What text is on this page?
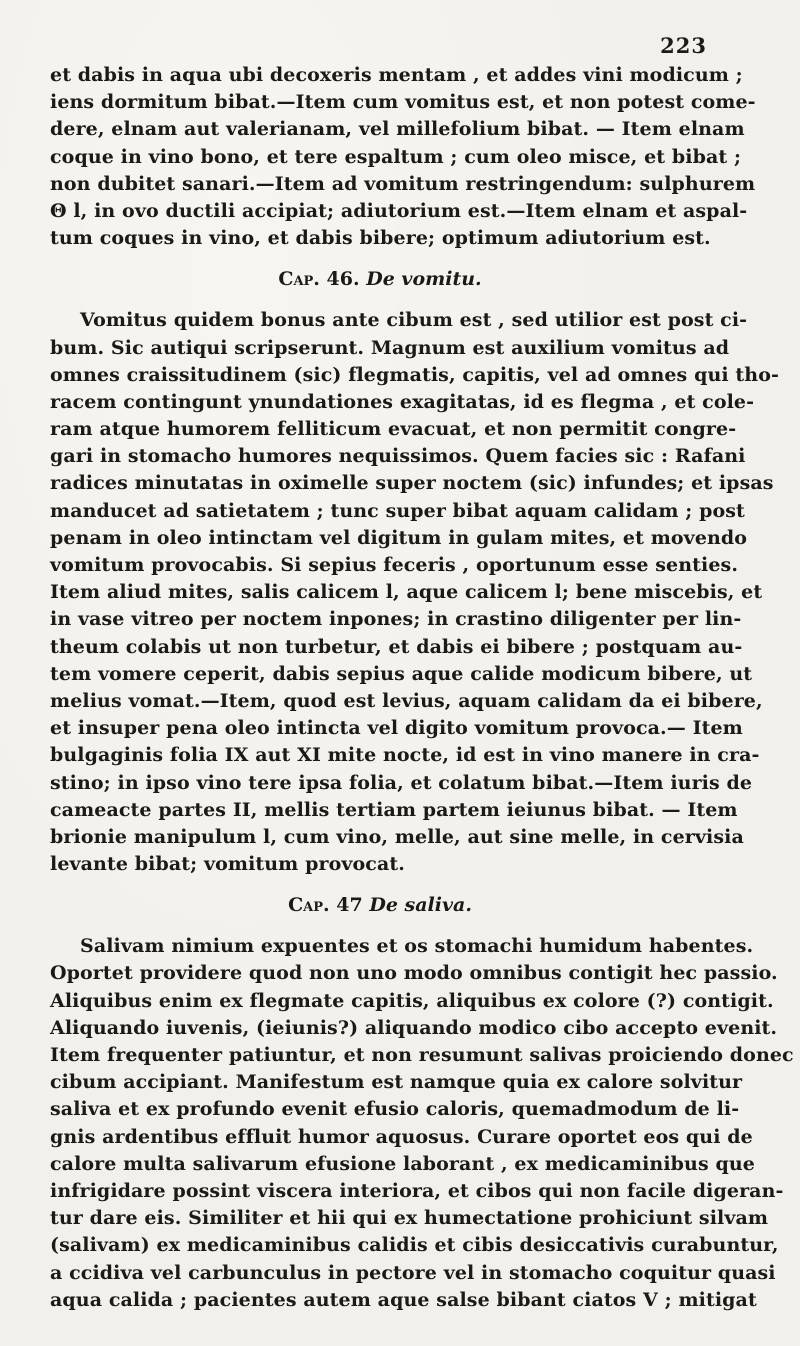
223
et dabis in aqua ubi decoxeris mentam , et addes vini modicum ;
iens dormitum bibat.—Item cum vomitus est, et non potest come-
dere, elnam aut valerianam, vel millefolium bibat. — Item elnam
coque in vino bono, et tere espaltum ; cum oleo misce, et bibat ;
non dubitet sanari.—Item ad vomitum restringendum: sulphurem
Θ l, in ovo ductili accipiat; adiutorium est.—Item elnam et aspal-
tum coques in vino, et dabis bibere; optimum adiutorium est.
Cap. 46. De vomitu.
Vomitus quidem bonus ante cibum est , sed utilior est post ci-
bum. Sic autiqui scripserunt. Magnum est auxilium vomitus ad
omnes craissitudinem (sic) flegmatis, capitis, vel ad omnes qui tho-
racem contingunt ynundationes exagitatas, id es flegma , et cole-
ram atque humorem felliticum evacuat, et non permitit congre-
gari in stomacho humores nequissimos. Quem facies sic : Rafani
radices minutatas in oximelle super noctem (sic) infundes; et ipsas
manducet ad satietatem ; tunc super bibat aquam calidam ; post
penam in oleo intinctam vel digitum in gulam mites, et movendo
vomitum provocabis. Si sepius feceris , oportunum esse senties.
Item aliud mites, salis calicem l, aque calicem l; bene miscebis, et
in vase vitreo per noctem inpones; in crastino diligenter per lin-
theum colabis ut non turbetur, et dabis ei bibere ; postquam au-
tem vomere ceperit, dabis sepius aque calide modicum bibere, ut
melius vomat.—Item, quod est levius, aquam calidam da ei bibere,
et insuper pena oleo intincta vel digito vomitum provoca.— Item
bulgaginis folia IX aut XI mite nocte, id est in vino manere in cra-
stino; in ipso vino tere ipsa folia, et colatum bibat.—Item iuris de
cameacte partes II, mellis tertiam partem ieiunus bibat. — Item
brionie manipulum l, cum vino, melle, aut sine melle, in cervisia
levante bibat; vomitum provocat.
Cap. 47 De saliva.
Salivam nimium expuentes et os stomachi humidum habentes.
Oportet providere quod non uno modo omnibus contigit hec passio.
Aliquibus enim ex flegmate capitis, aliquibus ex colore (?) contigit.
Aliquando iuvenis, (ieiunis?) aliquando modico cibo accepto evenit.
Item frequenter patiuntur, et non resumunt salivas proiciendo donec
cibum accipiant. Manifestum est namque quia ex calore solvitur
saliva et ex profundo evenit efusio caloris, quemadmodum de li-
gnis ardentibus effluit humor aquosus. Curare oportet eos qui de
calore multa salivarum efusione laborant , ex medicaminibus que
infrigidare possint viscera interiora, et cibos qui non facile digeran-
tur dare eis. Similiter et hii qui ex humectatione prohiciunt silvam
(salivam) ex medicaminibus calidis et cibis desiccativis curabuntur,
a ccidiva vel carbunculus in pectore vel in stomacho coquitur quasi
aqua calida ; pacientes autem aque salse bibant ciatos V ; mitigat
